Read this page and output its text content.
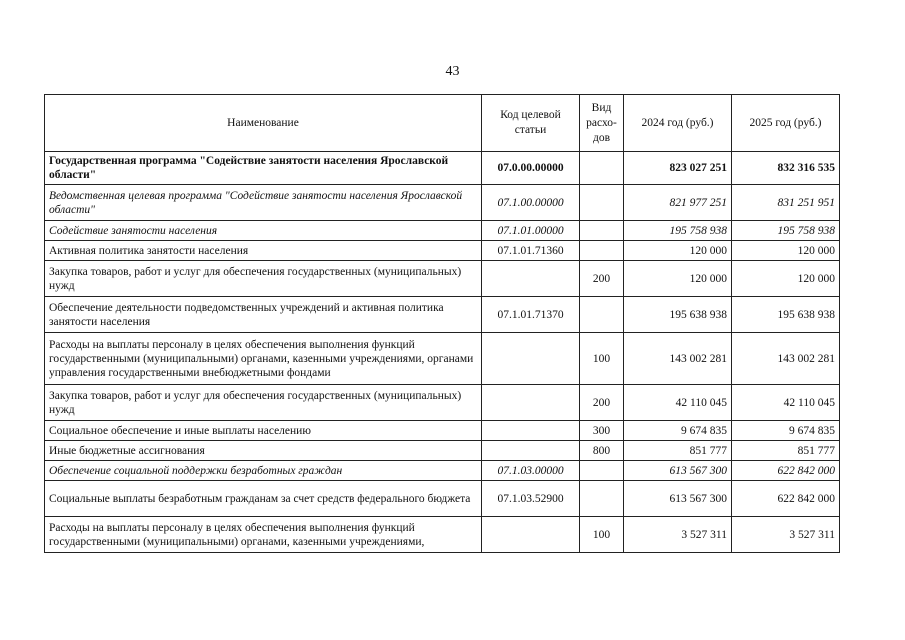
43
Наименование	Код целевой статьи	Вид расхо-дов	2024 год (руб.)	2025 год (руб.)
Государственная программа "Содействие занятости населения Ярославской области"	07.0.00.00000		823 027 251	832 316 535
Ведомственная целевая программа "Содействие занятости населения Ярославской области"	07.1.00.00000		821 977 251	831 251 951
Содействие занятости населения	07.1.01.00000		195 758 938	195 758 938
Активная политика занятости населения	07.1.01.71360		120 000	120 000
Закупка товаров, работ и услуг для обеспечения государственных (муниципальных) нужд		200	120 000	120 000
Обеспечение деятельности подведомственных учреждений и активная политика занятости населения	07.1.01.71370		195 638 938	195 638 938
Расходы на выплаты персоналу в целях обеспечения выполнения функций государственными (муниципальными) органами, казенными учреждениями, органами управления государственными внебюджетными фондами		100	143 002 281	143 002 281
Закупка товаров, работ и услуг для обеспечения государственных (муниципальных) нужд		200	42 110 045	42 110 045
Социальное обеспечение и иные выплаты населению		300	9 674 835	9 674 835
Иные бюджетные ассигнования		800	851 777	851 777
Обеспечение социальной поддержки безработных граждан	07.1.03.00000		613 567 300	622 842 000
Социальные выплаты безработным гражданам за счет средств федерального бюджета	07.1.03.52900		613 567 300	622 842 000
Расходы на выплаты персоналу в целях обеспечения выполнения функций государственными (муниципальными) органами, казенными учреждениями,		100	3 527 311	3 527 311
